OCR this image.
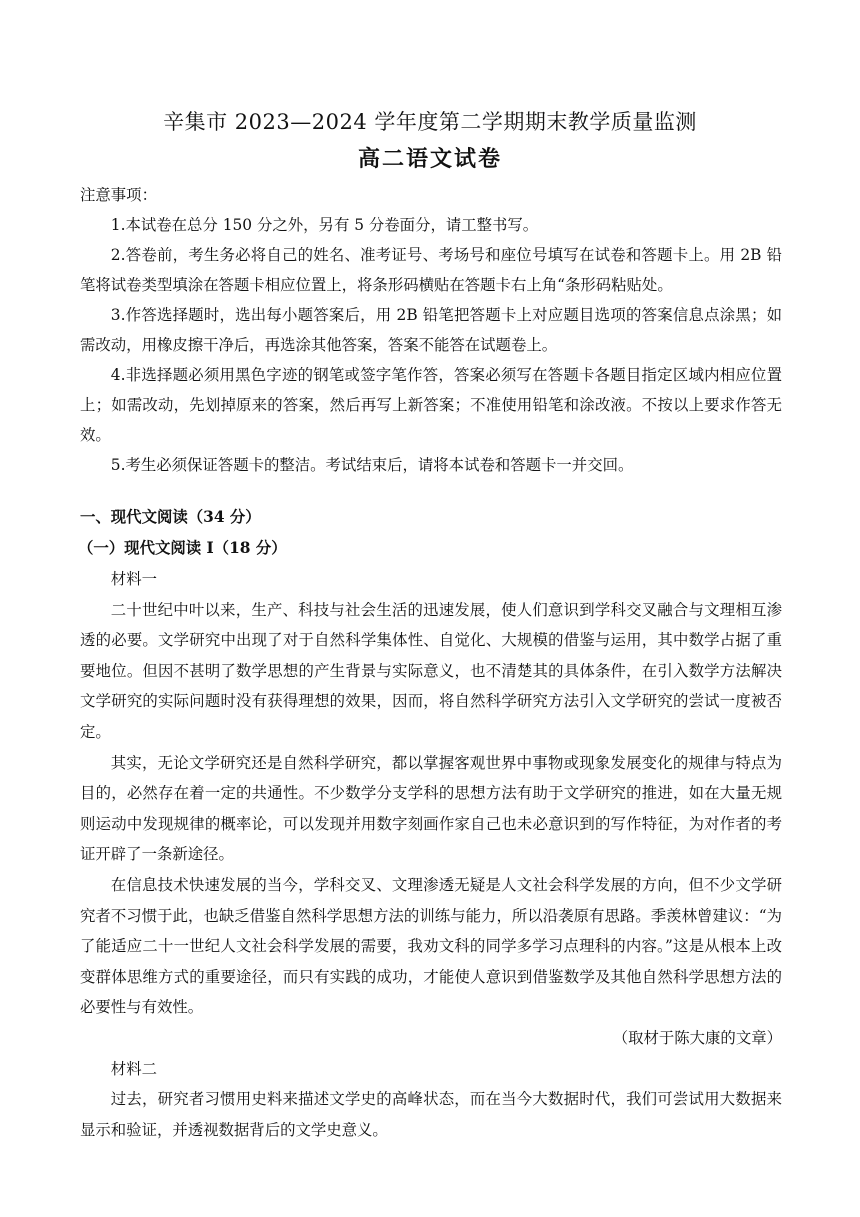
辛集市 2023—2024 学年度第二学期期末教学质量监测
高二语文试卷

注意事项：

1.本试卷在总分 150 分之外，另有 5 分卷面分，请工整书写。

2.答卷前，考生务必将自己的姓名、准考证号、考场号和座位号填写在试卷和答题卡上。用 2B 铅笔将试卷类型填涂在答题卡相应位置上，将条形码横贴在答题卡右上角“条形码粘贴处。

3.作答选择题时，选出每小题答案后，用 2B 铅笔把答题卡上对应题目选项的答案信息点涂黑；如需改动，用橡皮擦干净后，再选涂其他答案，答案不能答在试题卷上。

4.非选择题必须用黑色字迹的钢笔或签字笔作答，答案必须写在答题卡各题目指定区域内相应位置上；如需改动，先划掉原来的答案，然后再写上新答案；不准使用铅笔和涂改液。不按以上要求作答无效。

5.考生必须保证答题卡的整洁。考试结束后，请将本试卷和答题卡一并交回。

一、现代文阅读（34 分）
（一）现代文阅读 I（18 分）

材料一

二十世纪中叶以来，生产、科技与社会生活的迅速发展，使人们意识到学科交叉融合与文理相互渗透的必要。文学研究中出现了对于自然科学集体性、自觉化、大规模的借鉴与运用，其中数学占据了重要地位。但因不甚明了数学思想的产生背景与实际意义，也不清楚其的具体条件，在引入数学方法解决文学研究的实际问题时没有获得理想的效果，因而，将自然科学研究方法引入文学研究的尝试一度被否定。

其实，无论文学研究还是自然科学研究，都以掌握客观世界中事物或现象发展变化的规律与特点为目的，必然存在着一定的共通性。不少数学分支学科的思想方法有助于文学研究的推进，如在大量无规则运动中发现规律的概率论，可以发现并用数字刻画作家自己也未必意识到的写作特征，为对作者的考证开辟了一条新途径。

在信息技术快速发展的当今，学科交叉、文理渗透无疑是人文社会科学发展的方向，但不少文学研究者不习惯于此，也缺乏借鉴自然科学思想方法的训练与能力，所以沿袭原有思路。季羡林曾建议：“为了能适应二十一世纪人文社会科学发展的需要，我劝文科的同学多学习点理科的内容。”这是从根本上改变群体思维方式的重要途径，而只有实践的成功，才能使人意识到借鉴数学及其他自然科学思想方法的必要性与有效性。

（取材于陈大康的文章）

材料二

过去，研究者习惯用史料来描述文学史的高峰状态，而在当今大数据时代，我们可尝试用大数据来显示和验证，并透视数据背后的文学史意义。
